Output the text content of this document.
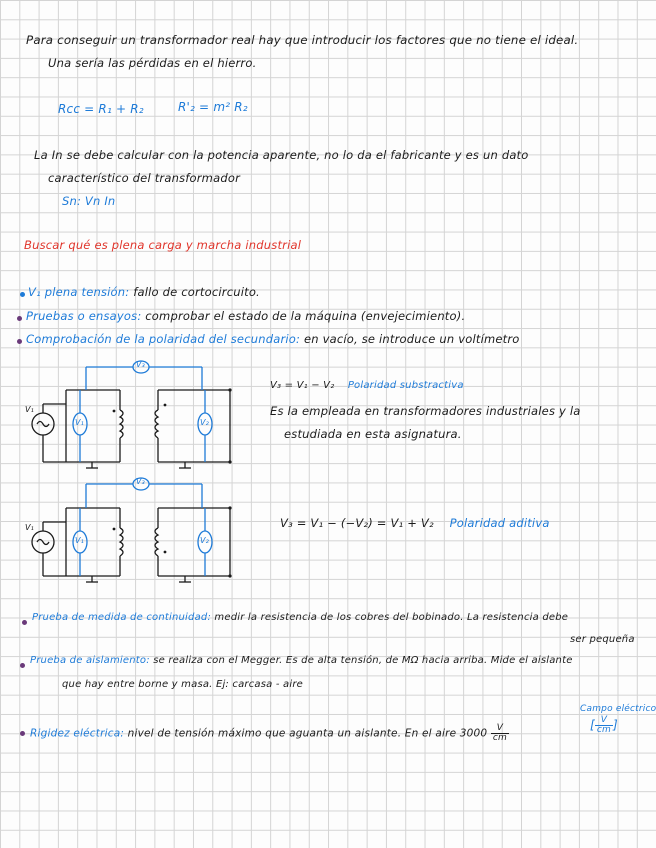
Para conseguir un transformador real hay que introducir los factores que no tiene el ideal.
Una sería las pérdidas en el hierro.
Rcc = R₁ + R₂	R'₂ = m² R₂
La In se debe calcular con la potencia aparente, no lo da el fabricante y es un dato
característico del transformador
Sn: Vn In
Buscar qué es plena carga y marcha industrial
V₁ plena tensión: fallo de cortocircuito.
Pruebas o ensayos: comprobar el estado de la máquina (envejecimiento).
Comprobación de la polaridad del secundario: en vacío, se introduce un voltímetro
V₃
V₁	V₂
V₁
V₃ = V₁ − V₂ Polaridad substractiva
Es la empleada en transformadores industriales y la
estudiada en esta asignatura.
V₃
V₁	V₂
V₁	V₃ = V₁ − (−V₂) = V₁ + V₂ Polaridad aditiva
Prueba de medida de continuidad: medir la resistencia de los cobres del bobinado. La resistencia debe
ser pequeña
Prueba de aislamiento: se realiza con el Megger. Es de alta tensión, de MΩ hacia arriba. Mide el aislante
que hay entre borne y masa. Ej: carcasa - aire
Campo eléctrico
[ $\frac{V}{cm}$ ]
Rigidez eléctrica: nivel de tensión máximo que aguanta un aislante. En el aire $3000 \frac{V}{cm}$
